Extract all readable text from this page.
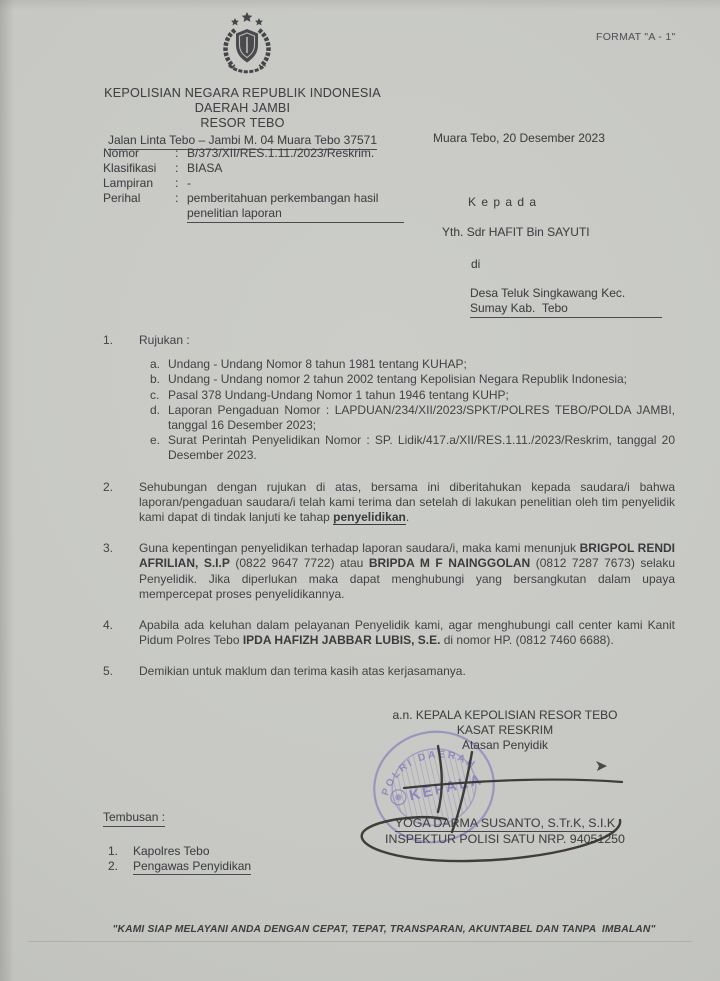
FORMAT "A - 1"
KEPOLISIAN NEGARA REPUBLIK INDONESIA
DAERAH JAMBI
RESOR TEBO
Jalan Linta Tebo – Jambi M. 04 Muara Tebo 37571	Muara Tebo, 20 Desember 2023
Nomor	: B/373/XII/RES.1.11./2023/Reskrim.
Klasifikasi	: BIASA
Lampiran	: -
Perihal	: pemberitahuan perkembangan hasil
penelitian laporan
K e p a d a
Yth. Sdr HAFIT Bin SAYUTI
di
Desa Teluk Singkawang Kec.
Sumay Kab.  Tebo
1.	Rujukan :
a. Undang - Undang Nomor 8 tahun 1981 tentang KUHAP;
b. Undang - Undang nomor 2 tahun 2002 tentang Kepolisian Negara Republik Indonesia;
c. Pasal 378 Undang-Undang Nomor 1 tahun 1946 tentang KUHP;
d. Laporan Pengaduan Nomor : LAPDUAN/234/XII/2023/SPKT/POLRES TEBO/POLDA JAMBI, tanggal 16 Desember 2023;
e. Surat Perintah Penyelidikan Nomor : SP. Lidik/417.a/XII/RES.1.11./2023/Reskrim, tanggal 20 Desember 2023.
2.	Sehubungan dengan rujukan di atas, bersama ini diberitahukan kepada saudara/i bahwa laporan/pengaduan saudara/i telah kami terima dan setelah di lakukan penelitian oleh tim penyelidik kami dapat di tindak lanjuti ke tahap penyelidikan.
3.	Guna kepentingan penyelidikan terhadap laporan saudara/i, maka kami menunjuk BRIGPOL RENDI AFRILIAN, S.I.P (0822 9647 7722) atau BRIPDA M F NAINGGOLAN (0812 7287 7673) selaku Penyelidik. Jika diperlukan maka dapat menghubungi yang bersangkutan dalam upaya mempercepat proses penyelidikannya.
4.	Apabila ada keluhan dalam pelayanan Penyelidik kami, agar menghubungi call center kami Kanit Pidum Polres Tebo IPDA HAFIZH JABBAR LUBIS, S.E. di nomor HP. (0812 7460 6688).
5.	Demikian untuk maklum dan terima kasih atas kerjasamanya.
POLRI DAERAH
KEPALA
a.n. KEPALA KEPOLISIAN RESOR TEBO
KASAT RESKRIM
Atasan Penyidik
YOGA DARMA SUSANTO, S.Tr.K, S.I.K
INSPEKTUR POLISI SATU NRP. 94051250
Tembusan :
1.	Kapolres Tebo
2.	Pengawas Penyidikan
"KAMI SIAP MELAYANI ANDA DENGAN CEPAT, TEPAT, TRANSPARAN, AKUNTABEL DAN TANPA  IMBALAN"
